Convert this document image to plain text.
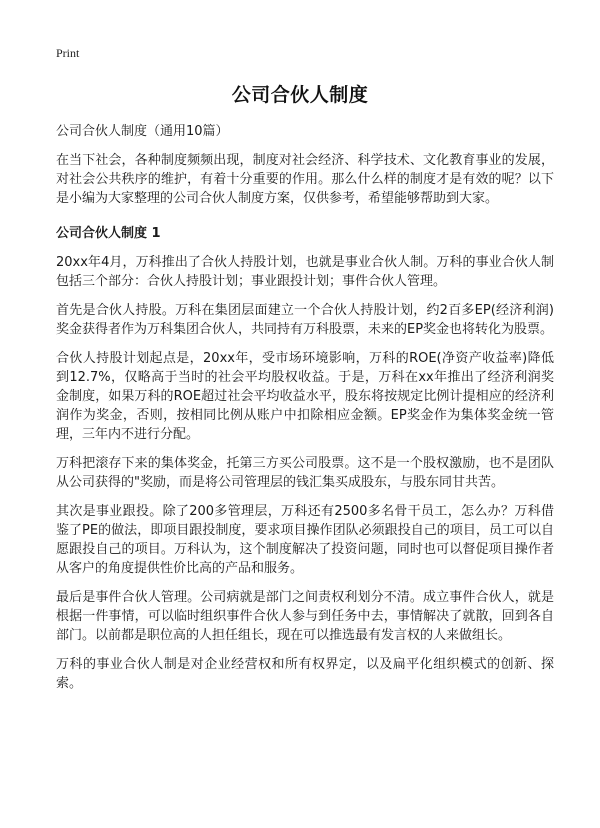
Print
公司合伙人制度

公司合伙人制度（通用10篇）

在当下社会，各种制度频频出现，制度对社会经济、科学技术、文化教育事业的发展，对社会公共秩序的维护，有着十分重要的作用。那么什么样的制度才是有效的呢？以下是小编为大家整理的公司合伙人制度方案，仅供参考，希望能够帮助到大家。

公司合伙人制度 1

20xx年4月，万科推出了合伙人持股计划，也就是事业合伙人制。万科的事业合伙人制包括三个部分：合伙人持股计划；事业跟投计划；事件合伙人管理。

首先是合伙人持股。万科在集团层面建立一个合伙人持股计划，约2百多EP(经济利润)奖金获得者作为万科集团合伙人，共同持有万科股票，未来的EP奖金也将转化为股票。

合伙人持股计划起点是，20xx年，受市场环境影响，万科的ROE(净资产收益率)降低到12.7%，仅略高于当时的社会平均股权收益。于是，万科在xx年推出了经济利润奖金制度，如果万科的ROE超过社会平均收益水平，股东将按规定比例计提相应的经济利润作为奖金，否则，按相同比例从账户中扣除相应金额。EP奖金作为集体奖金统一管理，三年内不进行分配。

万科把滚存下来的集体奖金，托第三方买公司股票。这不是一个股权激励，也不是团队从公司获得的"奖励，而是将公司管理层的钱汇集买成股东，与股东同甘共苦。

其次是事业跟投。除了200多管理层，万科还有2500多名骨干员工，怎么办？万科借鉴了PE的做法，即项目跟投制度，要求项目操作团队必须跟投自己的项目，员工可以自愿跟投自己的项目。万科认为，这个制度解决了投资问题，同时也可以督促项目操作者从客户的角度提供性价比高的产品和服务。

最后是事件合伙人管理。公司病就是部门之间责权利划分不清。成立事件合伙人，就是根据一件事情，可以临时组织事件合伙人参与到任务中去，事情解决了就散，回到各自部门。以前都是职位高的人担任组长，现在可以推选最有发言权的人来做组长。

万科的事业合伙人制是对企业经营权和所有权界定，以及扁平化组织模式的创新、探索。
